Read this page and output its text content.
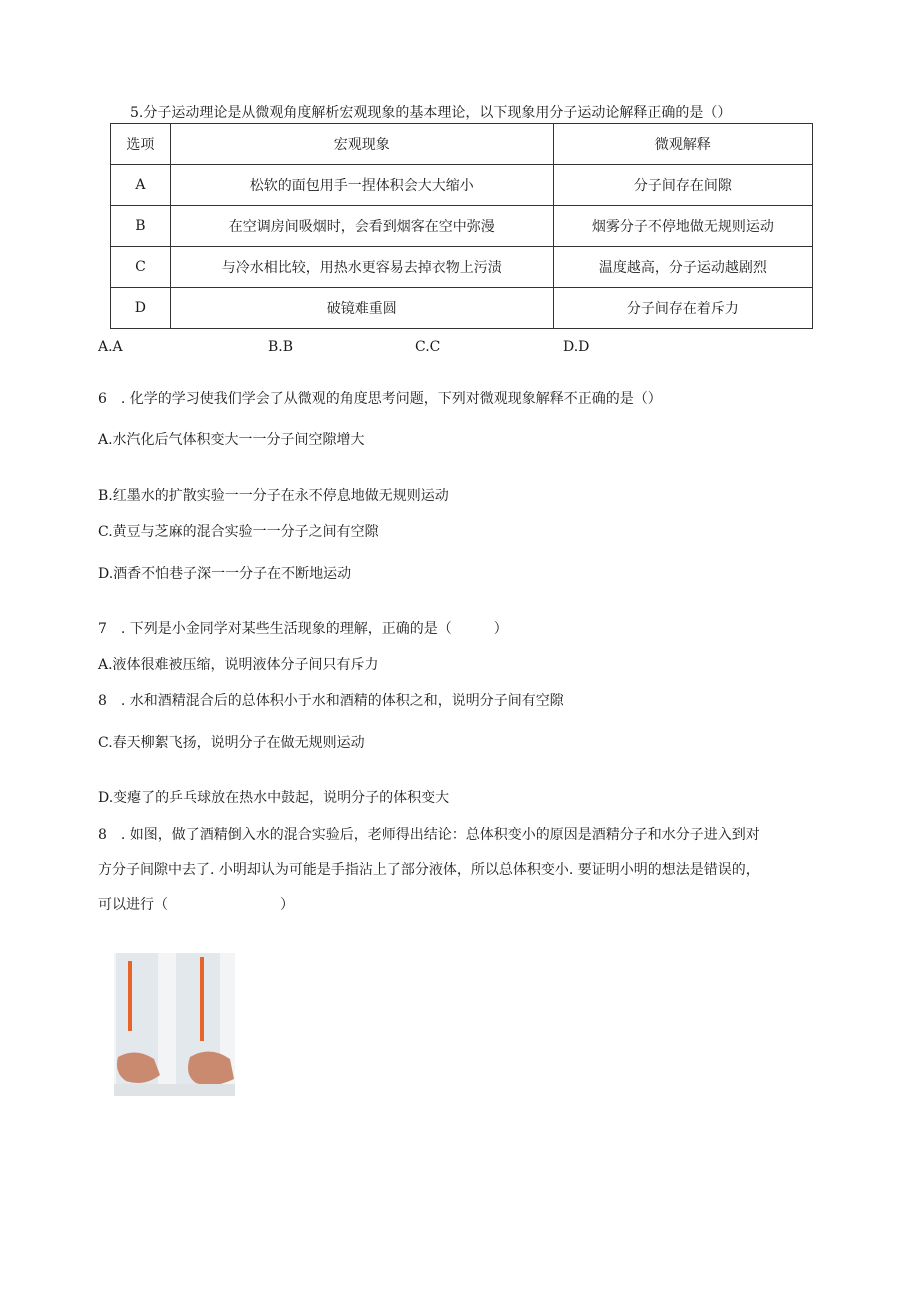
5.分子运动理论是从微观角度解析宏观现象的基本理论，以下现象用分子运动论解释正确的是（）
选项	宏观现象	微观解释
A	松软的面包用手一捏体积会大大缩小	分子间存在间隙
B	在空调房间吸烟时，会看到烟客在空中弥漫	烟雾分子不停地做无规则运动
C	与冷水相比较，用热水更容易去掉衣物上污渍	温度越高，分子运动越剧烈
D	破镜难重圆	分子间存在着斥力
A.A	B.B	C.C	D.D
6　. 化学的学习使我们学会了从微观的角度思考问题，下列对微观现象解释不正确的是（）
A.水汽化后气体积变大一一分子间空隙增大
B.红墨水的扩散实验一一分子在永不停息地做无规则运动
C.黄豆与芝麻的混合实验一一分子之间有空隙
D.酒香不怕巷子深一一分子在不断地运动
7　. 下列是小金同学对某些生活现象的理解，正确的是（　　　）
A.液体很难被压缩，说明液体分子间只有斥力
8　. 水和酒精混合后的总体积小于水和酒精的体积之和，说明分子间有空隙
C.春天柳絮飞扬，说明分子在做无规则运动
D.变瘪了的乒乓球放在热水中鼓起，说明分子的体积变大
8　. 如图，做了酒精倒入水的混合实验后，老师得出结论：总体积变小的原因是酒精分子和水分子进入到对
方分子间隙中去了. 小明却认为可能是手指沾上了部分液体，所以总体积变小. 要证明小明的想法是错误的，
可以进行（　　　　　　　　）
